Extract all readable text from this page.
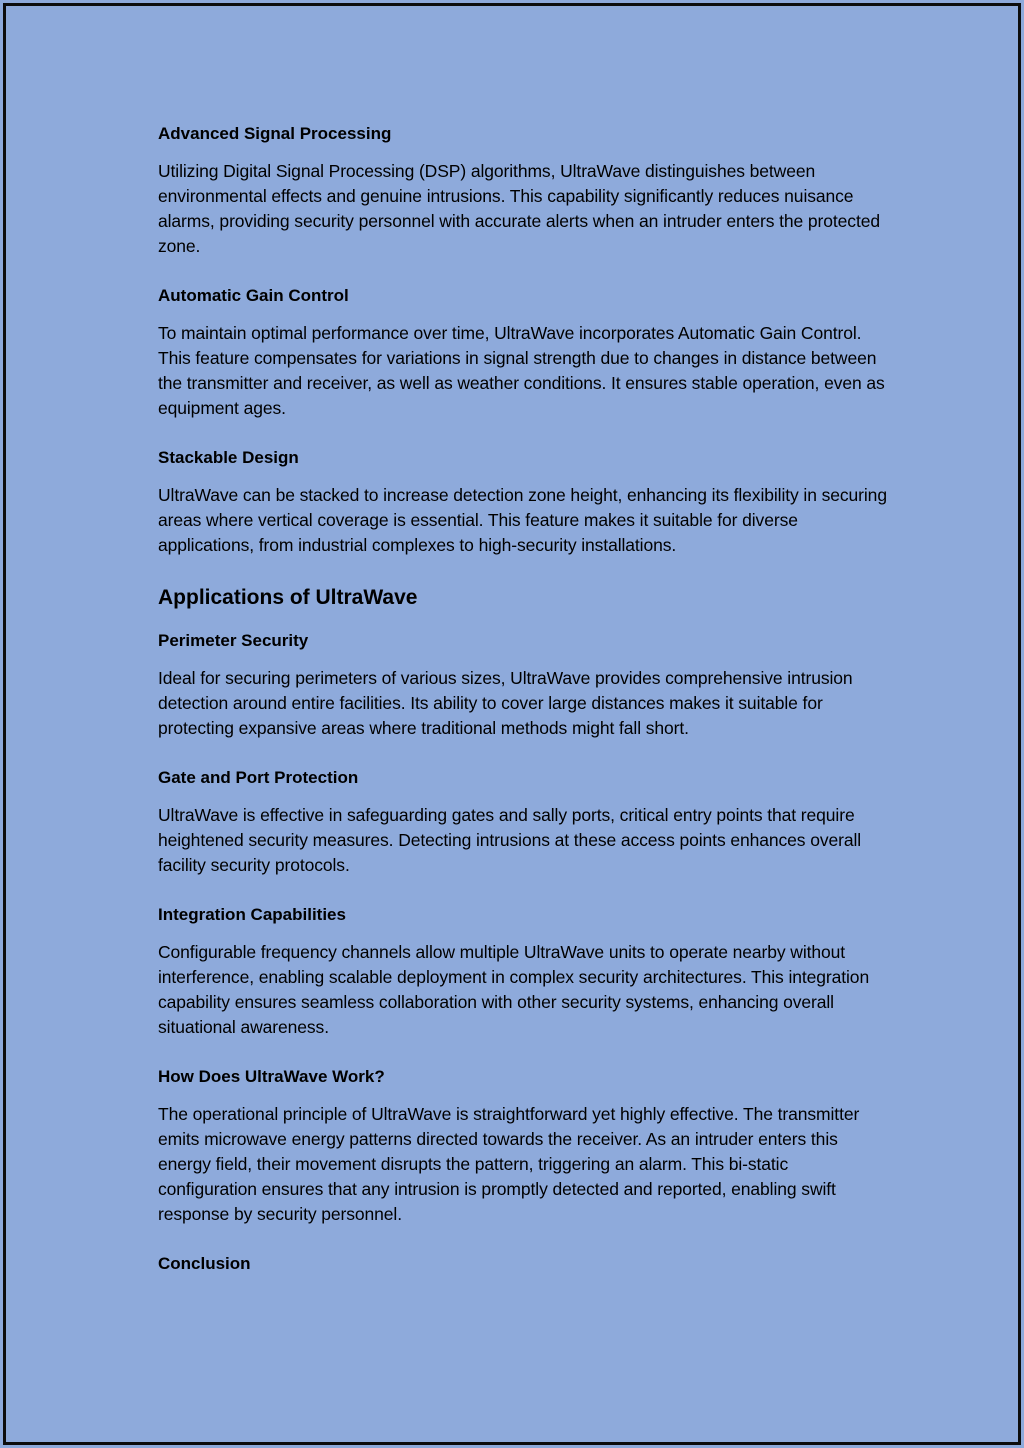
Advanced Signal Processing

Utilizing Digital Signal Processing (DSP) algorithms, UltraWave distinguishes between environmental effects and genuine intrusions. This capability significantly reduces nuisance alarms, providing security personnel with accurate alerts when an intruder enters the protected zone.

Automatic Gain Control

To maintain optimal performance over time, UltraWave incorporates Automatic Gain Control. This feature compensates for variations in signal strength due to changes in distance between the transmitter and receiver, as well as weather conditions. It ensures stable operation, even as equipment ages.

Stackable Design

UltraWave can be stacked to increase detection zone height, enhancing its flexibility in securing areas where vertical coverage is essential. This feature makes it suitable for diverse applications, from industrial complexes to high-security installations.

Applications of UltraWave
Perimeter Security

Ideal for securing perimeters of various sizes, UltraWave provides comprehensive intrusion detection around entire facilities. Its ability to cover large distances makes it suitable for protecting expansive areas where traditional methods might fall short.

Gate and Port Protection

UltraWave is effective in safeguarding gates and sally ports, critical entry points that require heightened security measures. Detecting intrusions at these access points enhances overall facility security protocols.

Integration Capabilities

Configurable frequency channels allow multiple UltraWave units to operate nearby without interference, enabling scalable deployment in complex security architectures. This integration capability ensures seamless collaboration with other security systems, enhancing overall situational awareness.

How Does UltraWave Work?

The operational principle of UltraWave is straightforward yet highly effective. The transmitter emits microwave energy patterns directed towards the receiver. As an intruder enters this energy field, their movement disrupts the pattern, triggering an alarm. This bi-static configuration ensures that any intrusion is promptly detected and reported, enabling swift response by security personnel.

Conclusion
